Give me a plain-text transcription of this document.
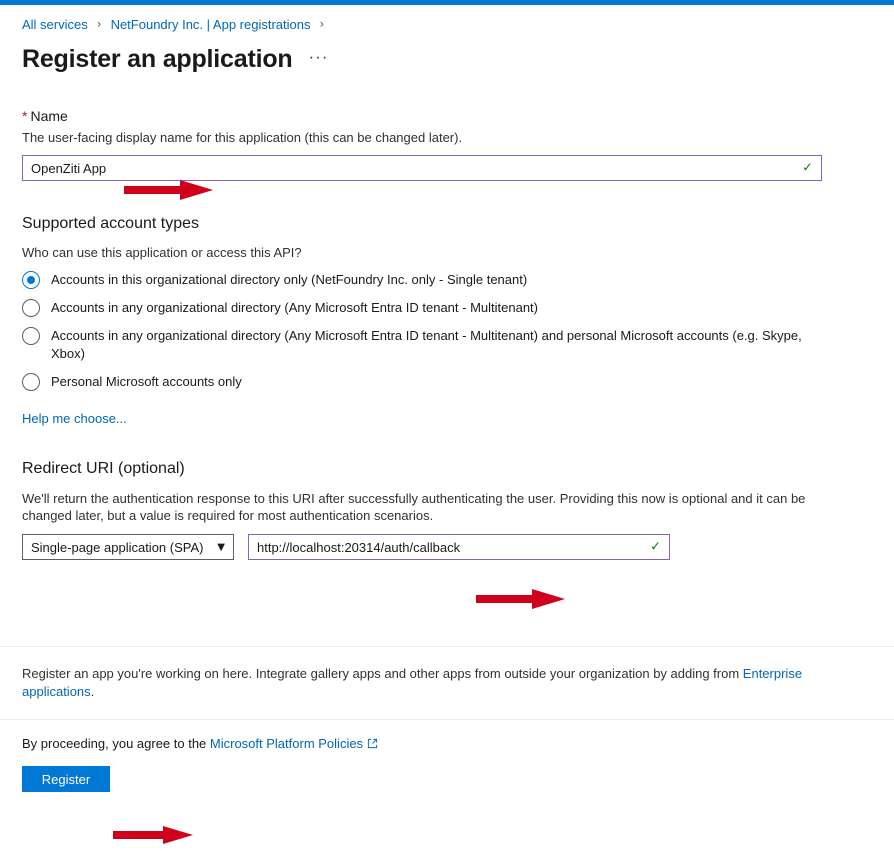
All services › NetFoundry Inc. | App registrations ›
Register an application ···
* Name
The user-facing display name for this application (this can be changed later).
OpenZiti App
✓
Supported account types
Who can use this application or access this API?
Accounts in this organizational directory only (NetFoundry Inc. only - Single tenant)
Accounts in any organizational directory (Any Microsoft Entra ID tenant - Multitenant)
Accounts in any organizational directory (Any Microsoft Entra ID tenant - Multitenant) and personal Microsoft accounts (e.g. Skype, Xbox)
Personal Microsoft accounts only
Help me choose...
Redirect URI (optional)
We'll return the authentication response to this URI after successfully authenticating the user. Providing this now is optional and it can be changed later, but a value is required for most authentication scenarios.
Single-page application (SPA) ▼
http://localhost:20314/auth/callback	✓
Register an app you're working on here. Integrate gallery apps and other apps from outside your organization by adding from Enterprise applications.
By proceeding, you agree to the Microsoft Platform Policies
Register
